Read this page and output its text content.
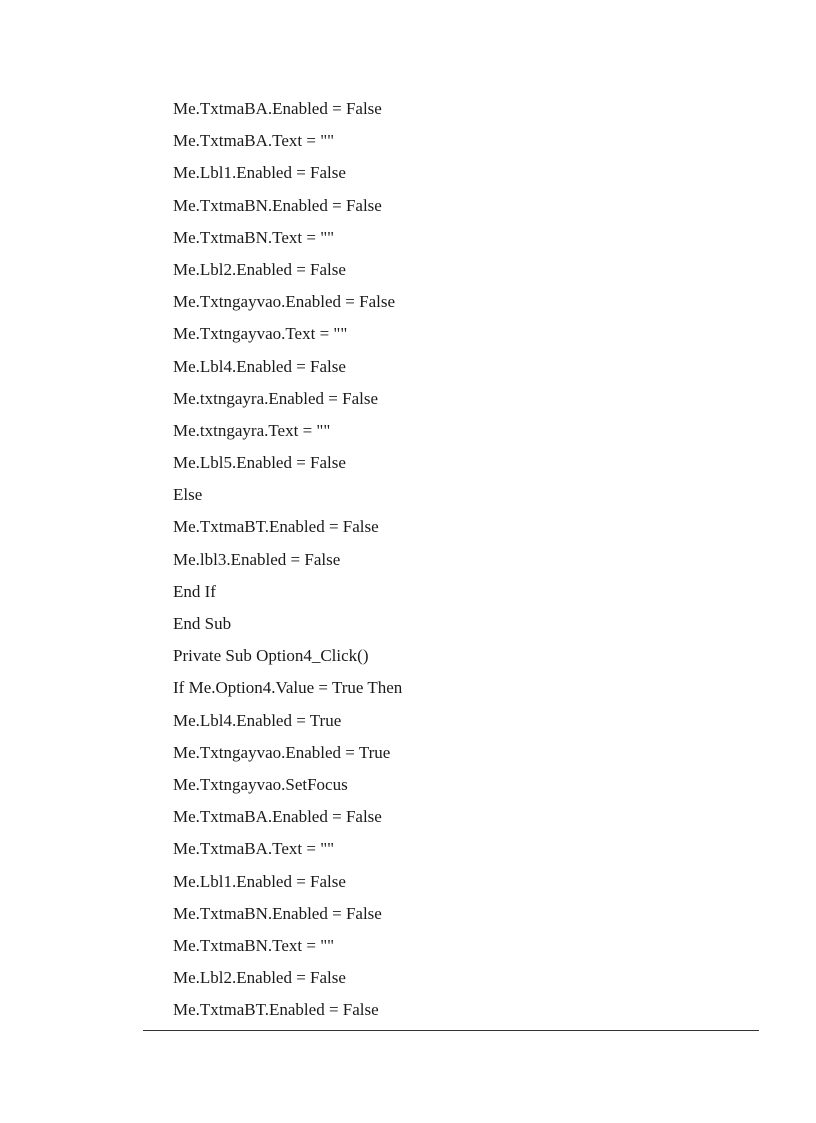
Me.TxtmaBA.Enabled = False
Me.TxtmaBA.Text = ""
Me.Lbl1.Enabled = False
Me.TxtmaBN.Enabled = False
Me.TxtmaBN.Text = ""
Me.Lbl2.Enabled = False
Me.Txtngayvao.Enabled = False
Me.Txtngayvao.Text = ""
Me.Lbl4.Enabled = False
Me.txtngayra.Enabled = False
Me.txtngayra.Text = ""
Me.Lbl5.Enabled = False
Else
Me.TxtmaBT.Enabled = False
Me.lbl3.Enabled = False
End If
End Sub
Private Sub Option4_Click()
If Me.Option4.Value = True Then
Me.Lbl4.Enabled = True
Me.Txtngayvao.Enabled = True
Me.Txtngayvao.SetFocus
Me.TxtmaBA.Enabled = False
Me.TxtmaBA.Text = ""
Me.Lbl1.Enabled = False
Me.TxtmaBN.Enabled = False
Me.TxtmaBN.Text = ""
Me.Lbl2.Enabled = False
Me.TxtmaBT.Enabled = False
